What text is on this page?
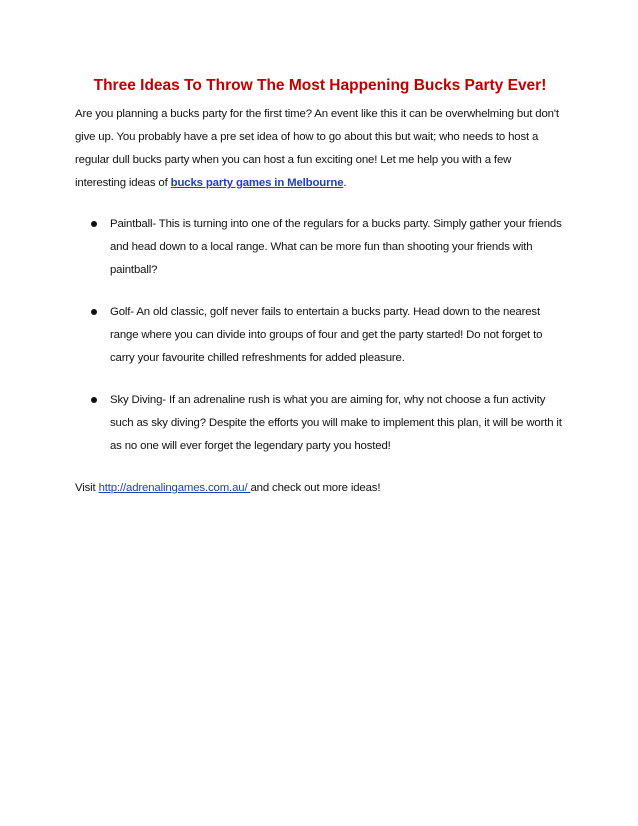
Three Ideas To Throw The Most Happening Bucks Party Ever!

Are you planning a bucks party for the first time? An event like this it can be overwhelming but don't give up. You probably have a pre set idea of how to go about this but wait; who needs to host a regular dull bucks party when you can host a fun exciting one! Let me help you with a few interesting ideas of bucks party games in Melbourne.

Paintball- This is turning into one of the regulars for a bucks party. Simply gather your friends and head down to a local range. What can be more fun than shooting your friends with paintball?
Golf- An old classic, golf never fails to entertain a bucks party. Head down to the nearest range where you can divide into groups of four and get the party started! Do not forget to carry your favourite chilled refreshments for added pleasure.
Sky Diving- If an adrenaline rush is what you are aiming for, why not choose a fun activity such as sky diving? Despite the efforts you will make to implement this plan, it will be worth it as no one will ever forget the legendary party you hosted!

Visit http://adrenalingames.com.au/ and check out more ideas!
